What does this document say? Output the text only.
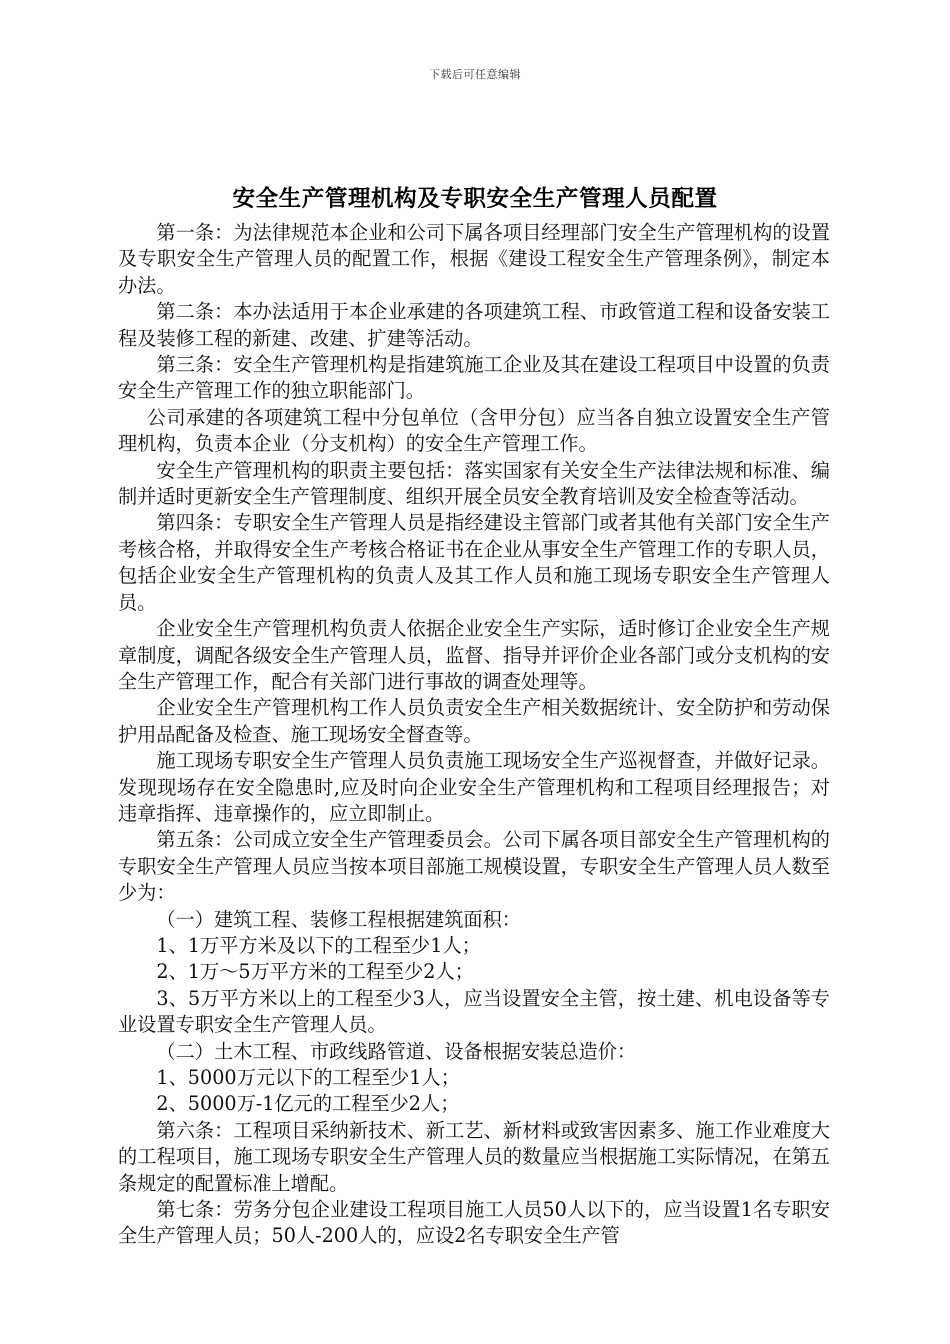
下载后可任意编辑
安全生产管理机构及专职安全生产管理人员配置

第一条：为法律规范本企业和公司下属各项目经理部门安全生产管理机构的设置及专职安全生产管理人员的配置工作，根据《建设工程安全生产管理条例》，制定本办法。

第二条：本办法适用于本企业承建的各项建筑工程、市政管道工程和设备安装工程及装修工程的新建、改建、扩建等活动。

第三条：安全生产管理机构是指建筑施工企业及其在建设工程项目中设置的负责安全生产管理工作的独立职能部门。

公司承建的各项建筑工程中分包单位（含甲分包）应当各自独立设置安全生产管理机构，负责本企业（分支机构）的安全生产管理工作。

安全生产管理机构的职责主要包括：落实国家有关安全生产法律法规和标准、编制并适时更新安全生产管理制度、组织开展全员安全教育培训及安全检查等活动。

第四条：专职安全生产管理人员是指经建设主管部门或者其他有关部门安全生产考核合格，并取得安全生产考核合格证书在企业从事安全生产管理工作的专职人员，包括企业安全生产管理机构的负责人及其工作人员和施工现场专职安全生产管理人员。

企业安全生产管理机构负责人依据企业安全生产实际，适时修订企业安全生产规章制度，调配各级安全生产管理人员，监督、指导并评价企业各部门或分支机构的安全生产管理工作，配合有关部门进行事故的调查处理等。

企业安全生产管理机构工作人员负责安全生产相关数据统计、安全防护和劳动保护用品配备及检查、施工现场安全督查等。

施工现场专职安全生产管理人员负责施工现场安全生产巡视督查，并做好记录。发现现场存在安全隐患时,应及时向企业安全生产管理机构和工程项目经理报告；对违章指挥、违章操作的，应立即制止。

第五条：公司成立安全生产管理委员会。公司下属各项目部安全生产管理机构的专职安全生产管理人员应当按本项目部施工规模设置，专职安全生产管理人员人数至少为：

（一）建筑工程、装修工程根据建筑面积：

1、1万平方米及以下的工程至少1人；

2、1万～5万平方米的工程至少2人；

3、5万平方米以上的工程至少3人，应当设置安全主管，按土建、机电设备等专业设置专职安全生产管理人员。

（二）土木工程、市政线路管道、设备根据安装总造价：

1、5000万元以下的工程至少1人；

2、5000万-1亿元的工程至少2人；

第六条：工程项目采纳新技术、新工艺、新材料或致害因素多、施工作业难度大的工程项目，施工现场专职安全生产管理人员的数量应当根据施工实际情况，在第五条规定的配置标准上增配。

第七条：劳务分包企业建设工程项目施工人员50人以下的，应当设置1名专职安全生产管理人员；50人-200人的，应设2名专职安全生产管
